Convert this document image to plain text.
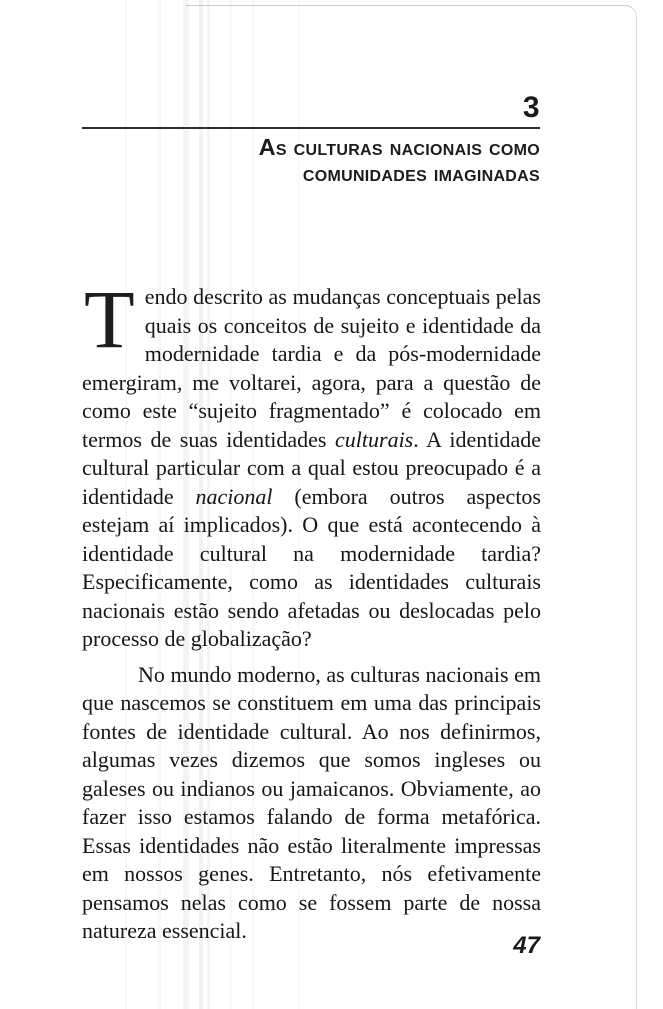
3
As culturas nacionais como
comunidades imaginadas

Tendo descrito as mudanças conceptuais pelas quais os conceitos de sujeito e identidade da modernidade tardia e da pós-modernidade emergiram, me voltarei, agora, para a questão de como este “sujeito fragmentado” é colocado em termos de suas identidades culturais. A identidade cultural particular com a qual estou preocupado é a identidade nacional (embora outros aspectos estejam aí implicados). O que está acontecendo à identidade cultural na modernidade tardia? Especificamente, como as identidades culturais nacionais estão sendo afetadas ou deslocadas pelo processo de globalização?

No mundo moderno, as culturas nacionais em que nascemos se constituem em uma das principais fontes de identidade cultural. Ao nos definirmos, algumas vezes dizemos que somos ingleses ou galeses ou indianos ou jamaicanos. Obviamente, ao fazer isso estamos falando de forma metafórica. Essas identidades não estão literalmente impressas em nossos genes. Entretanto, nós efetivamente pensamos nelas como se fossem parte de nossa natureza essencial.

47
